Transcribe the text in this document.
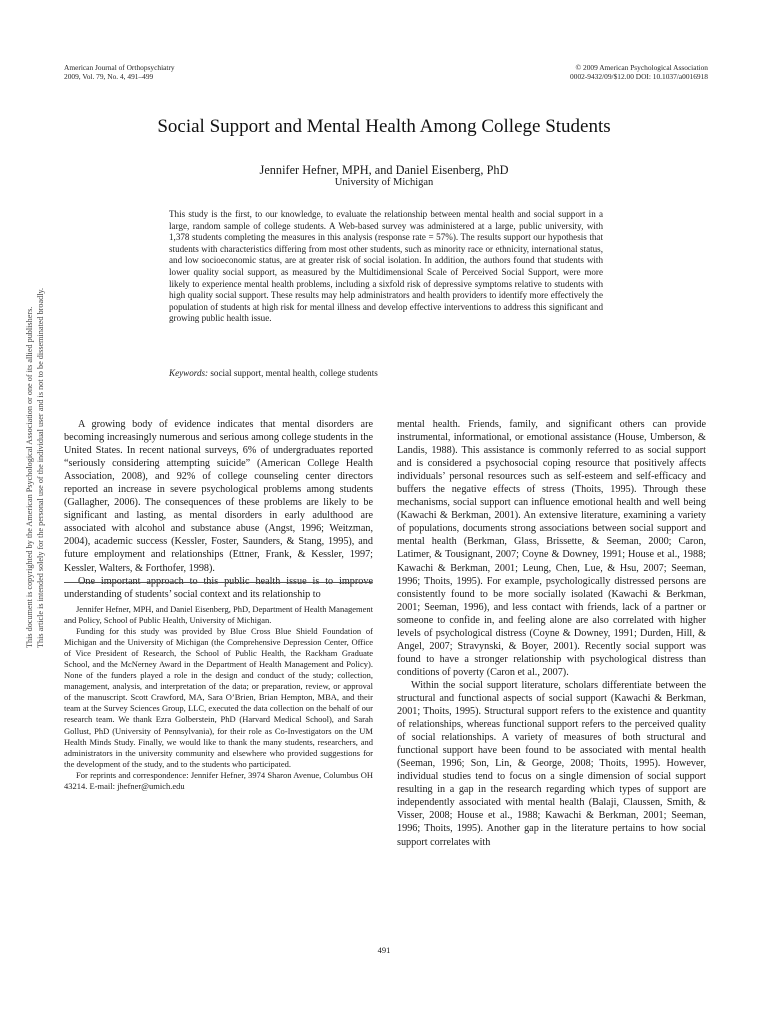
American Journal of Orthopsychiatry
2009, Vol. 79, No. 4, 491–499
© 2009 American Psychological Association
0002-9432/09/$12.00 DOI: 10.1037/a0016918
Social Support and Mental Health Among College Students
Jennifer Hefner, MPH, and Daniel Eisenberg, PhD
University of Michigan
This study is the first, to our knowledge, to evaluate the relationship between mental health and social support in a large, random sample of college students. A Web-based survey was administered at a large, public university, with 1,378 students completing the measures in this analysis (response rate = 57%). The results support our hypothesis that students with characteristics differing from most other students, such as minority race or ethnicity, international status, and low socioeconomic status, are at greater risk of social isolation. In addition, the authors found that students with lower quality social support, as measured by the Multidimensional Scale of Perceived Social Support, were more likely to experience mental health problems, including a sixfold risk of depressive symptoms relative to students with high quality social support. These results may help administrators and health providers to identify more effectively the population of students at high risk for mental illness and develop effective interventions to address this significant and growing public health issue.
Keywords: social support, mental health, college students

A growing body of evidence indicates that mental disorders are becoming increasingly numerous and serious among college students in the United States. In recent national surveys, 6% of undergraduates reported “seriously considering attempting suicide” (American College Health Association, 2008), and 92% of college counseling center directors reported an increase in severe psychological problems among students (Gallagher, 2006). The consequences of these problems are likely to be significant and lasting, as mental disorders in early adulthood are associated with alcohol and substance abuse (Angst, 1996; Weitzman, 2004), academic success (Kessler, Foster, Saunders, & Stang, 1995), and future employment and relationships (Ettner, Frank, & Kessler, 1997; Kessler, Walters, & Forthofer, 1998).

One important approach to this public health issue is to improve understanding of students’ social context and its relationship to

Jennifer Hefner, MPH, and Daniel Eisenberg, PhD, Department of Health Management and Policy, School of Public Health, University of Michigan.

Funding for this study was provided by Blue Cross Blue Shield Foundation of Michigan and the University of Michigan (the Comprehensive Depression Center, Office of Vice President of Research, the School of Public Health, the Rackham Graduate School, and the McNerney Award in the Department of Health Management and Policy). None of the funders played a role in the design and conduct of the study; collection, management, analysis, and interpretation of the data; or preparation, review, or approval of the manuscript. Scott Crawford, MA, Sara O’Brien, Brian Hempton, MBA, and their team at the Survey Sciences Group, LLC, executed the data collection on the behalf of our research team. We thank Ezra Golberstein, PhD (Harvard Medical School), and Sarah Gollust, PhD (University of Pennsylvania), for their role as Co-Investigators on the UM Health Minds Study. Finally, we would like to thank the many students, researchers, and administrators in the university community and elsewhere who provided suggestions for the development of the study, and to the students who participated.

For reprints and correspondence: Jennifer Hefner, 3974 Sharon Avenue, Columbus OH 43214. E-mail: jhefner@umich.edu

mental health. Friends, family, and significant others can provide instrumental, informational, or emotional assistance (House, Umberson, & Landis, 1988). This assistance is commonly referred to as social support and is considered a psychosocial coping resource that positively affects individuals’ personal resources such as self-esteem and self-efficacy and buffers the negative effects of stress (Thoits, 1995). Through these mechanisms, social support can influence emotional health and well being (Kawachi & Berkman, 2001). An extensive literature, examining a variety of populations, documents strong associations between social support and mental health (Berkman, Glass, Brissette, & Seeman, 2000; Caron, Latimer, & Tousignant, 2007; Coyne & Downey, 1991; House et al., 1988; Kawachi & Berkman, 2001; Leung, Chen, Lue, & Hsu, 2007; Seeman, 1996; Thoits, 1995). For example, psychologically distressed persons are consistently found to be more socially isolated (Kawachi & Berkman, 2001; Seeman, 1996), and less contact with friends, lack of a partner or someone to confide in, and feeling alone are also correlated with higher levels of psychological distress (Coyne & Downey, 1991; Durden, Hill, & Angel, 2007; Stravynski, & Boyer, 2001). Recently social support was found to have a stronger relationship with psychological distress than conditions of poverty (Caron et al., 2007).

Within the social support literature, scholars differentiate between the structural and functional aspects of social support (Kawachi & Berkman, 2001; Thoits, 1995). Structural support refers to the existence and quantity of relationships, whereas functional support refers to the perceived quality of social relationships. A variety of measures of both structural and functional support have been found to be associated with mental health (Seeman, 1996; Son, Lin, & George, 2008; Thoits, 1995). However, individual studies tend to focus on a single dimension of social support resulting in a gap in the research regarding which types of support are independently associated with mental health (Balaji, Claussen, Smith, & Visser, 2008; House et al., 1988; Kawachi & Berkman, 2001; Seeman, 1996; Thoits, 1995). Another gap in the literature pertains to how social support correlates with

491
This document is copyrighted by the American Psychological Association or one of its allied publishers. This article is intended solely for the personal use of the individual user and is not to be disseminated broadly.
